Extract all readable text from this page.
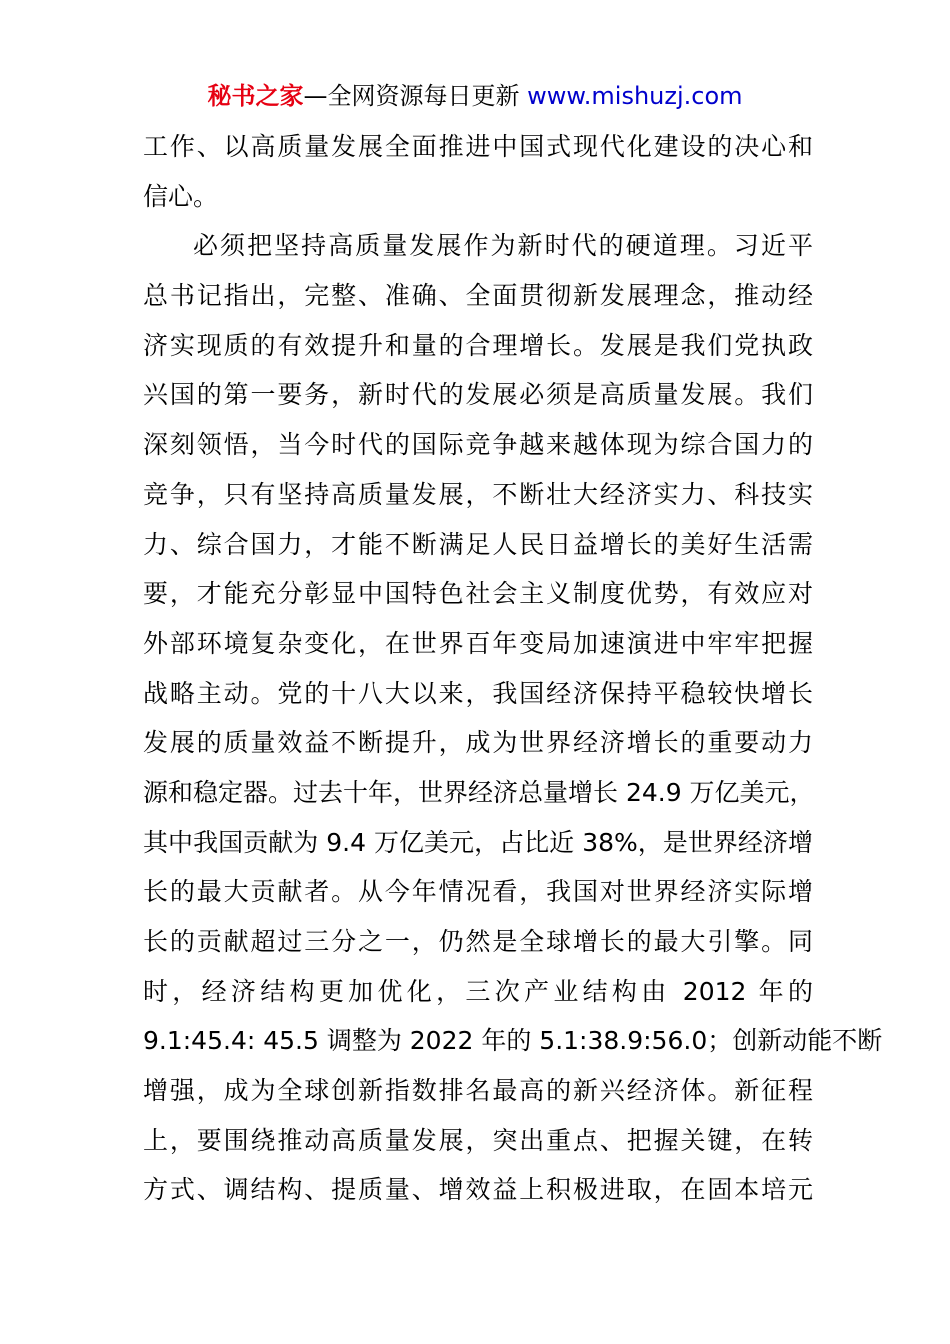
秘书之家—全网资源每日更新 www.mishuzj.com
工作、以高质量发展全面推进中国式现代化建设的决心和
信心。
必须把坚持高质量发展作为新时代的硬道理。习近平
总书记指出，完整、准确、全面贯彻新发展理念，推动经
济实现质的有效提升和量的合理增长。发展是我们党执政
兴国的第一要务，新时代的发展必须是高质量发展。我们
深刻领悟，当今时代的国际竞争越来越体现为综合国力的
竞争，只有坚持高质量发展，不断壮大经济实力、科技实
力、综合国力，才能不断满足人民日益增长的美好生活需
要，才能充分彰显中国特色社会主义制度优势，有效应对
外部环境复杂变化，在世界百年变局加速演进中牢牢把握
战略主动。党的十八大以来，我国经济保持平稳较快增长
发展的质量效益不断提升，成为世界经济增长的重要动力
源和稳定器。过去十年，世界经济总量增长 24.9 万亿美元，
其中我国贡献为 9.4 万亿美元，占比近 38%，是世界经济增
长的最大贡献者。从今年情况看，我国对世界经济实际增
长的贡献超过三分之一，仍然是全球增长的最大引擎。同
时，经济结构更加优化，三次产业结构由 2012 年的
9.1:45.4: 45.5 调整为 2022 年的 5.1:38.9:56.0；创新动能不断
增强，成为全球创新指数排名最高的新兴经济体。新征程
上，要围绕推动高质量发展，突出重点、把握关键，在转
方式、调结构、提质量、增效益上积极进取，在固本培元
